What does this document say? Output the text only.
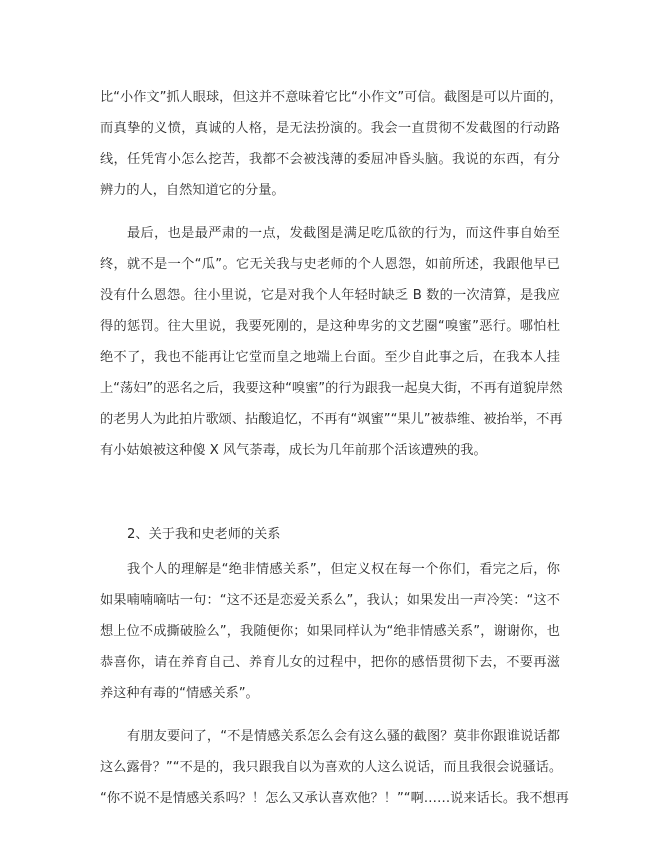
比“小作文”抓人眼球，但这并不意味着它比“小作文”可信。截图是可以片面的，
而真挚的义愤，真诚的人格，是无法扮演的。我会一直贯彻不发截图的行动路
线，任凭宵小怎么挖苦，我都不会被浅薄的委屈冲昏头脑。我说的东西，有分
辨力的人，自然知道它的分量。
最后，也是最严肃的一点，发截图是满足吃瓜欲的行为，而这件事自始至
终，就不是一个“瓜”。它无关我与史老师的个人恩怨，如前所述，我跟他早已
没有什么恩怨。往小里说，它是对我个人年轻时缺乏 B 数的一次清算，是我应
得的惩罚。往大里说，我要死刚的，是这种卑劣的文艺圈“嗅蜜”恶行。哪怕杜
绝不了，我也不能再让它堂而皇之地端上台面。至少自此事之后，在我本人挂
上“荡妇”的恶名之后，我要这种“嗅蜜”的行为跟我一起臭大街，不再有道貌岸然
的老男人为此拍片歌颂、拈酸追忆，不再有“飒蜜”“果儿”被恭维、被抬举，不再
有小姑娘被这种傻 X 风气荼毒，成长为几年前那个活该遭殃的我。
2、关于我和史老师的关系
我个人的理解是“绝非情感关系”，但定义权在每一个你们，看完之后，你
如果喃喃嘀咕一句：“这不还是恋爱关系么”，我认；如果发出一声冷笑：“这不
想上位不成撕破脸么”，我随便你；如果同样认为“绝非情感关系”，谢谢你，也
恭喜你，请在养育自己、养育儿女的过程中，把你的感悟贯彻下去，不要再滋
养这种有毒的“情感关系”。
有朋友要问了，“不是情感关系怎么会有这么骚的截图？莫非你跟谁说话都
这么露骨？”“不是的，我只跟我自以为喜欢的人这么说话，而且我很会说骚话。
“你不说不是情感关系吗？！怎么又承认喜欢他？！”“啊……说来话长。我不想再
